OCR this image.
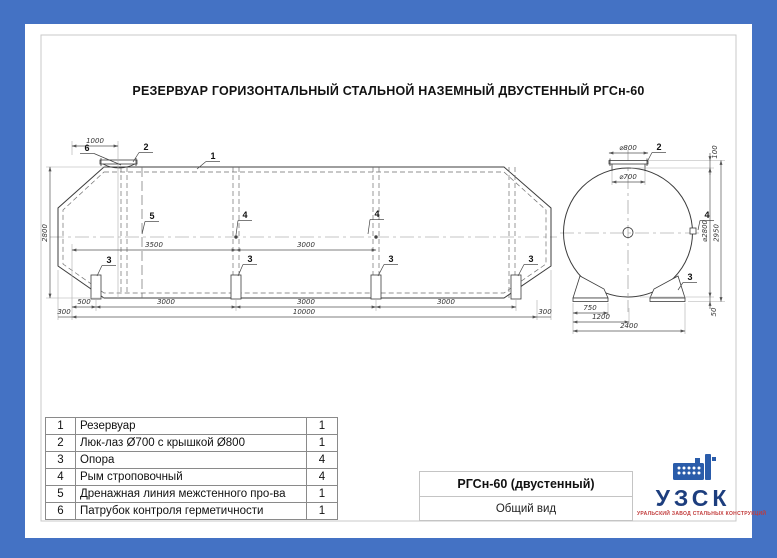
РЕЗЕРВУАР ГОРИЗОНТАЛЬНЫЙ СТАЛЬНОЙ НАЗЕМНЫЙ ДВУСТЕННЫЙ РГСн-60
1000
2800
3500	3000
500	3000	3000	3000
10000
300	300
6	2
1
5	4	4
3	3	3	3
⌀800
⌀700
100
⌀2800 2950
50
750
1200
2400
2
4
3
1	Резервуар	1
2	Люк-лаз Ø700 с крышкой Ø800	1
3	Опора	4
4	Рым строповочный	4
5	Дренажная линия межстенного про-ва	1
6	Патрубок контроля герметичности	1
РГСн-60 (двустенный)
Общий вид	УЗСК
УРАЛЬСКИЙ ЗАВОД СТАЛЬНЫХ КОНСТРУКЦИЙ
